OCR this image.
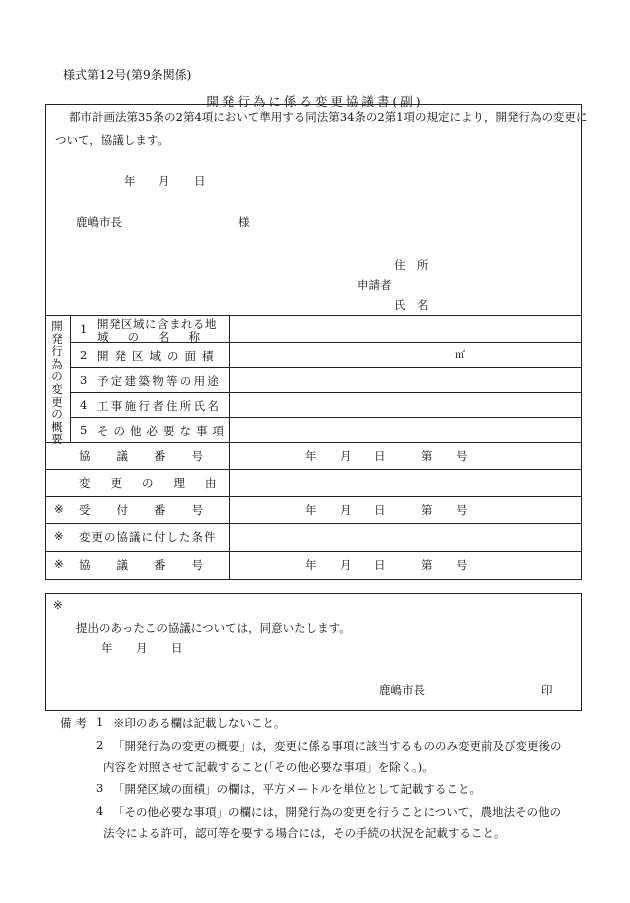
様式第12号(第9条関係)
開発行為に係る変更協議書(副)
都市計画法第35条の2第4項において準用する同法第34条の2第1項の規定により，開発行為の変更に
ついて，協議します。
年 月 日
鹿嶋市長	様
住　所
申請者
氏　名
開発行為の変更の概要
1 開発区域に含まれる地
域の名称
2 開発区域の面積	㎡
3 予定建築物等の用途
4 工事施行者住所氏名
5 その他必要な事項
協議番号	年 月 日	第 号
変更の理由
※ 受付番号	年 月 日	第 号
※ 変更の協議に付した条件
※ 協議番号	年 月 日	第 号
※
提出のあったこの協議については，同意いたします。
年 月 日
鹿嶋市長	印
備考 1 ※印のある欄は記載しないこと。
2 「開発行為の変更の概要」は，変更に係る事項に該当するもののみ変更前及び変更後の
内容を対照させて記載すること(「その他必要な事項」を除く。)。
3 「開発区域の面積」の欄は，平方メートルを単位として記載すること。
4 「その他必要な事項」の欄には，開発行為の変更を行うことについて，農地法その他の
法令による許可，認可等を要する場合には，その手続の状況を記載すること。
